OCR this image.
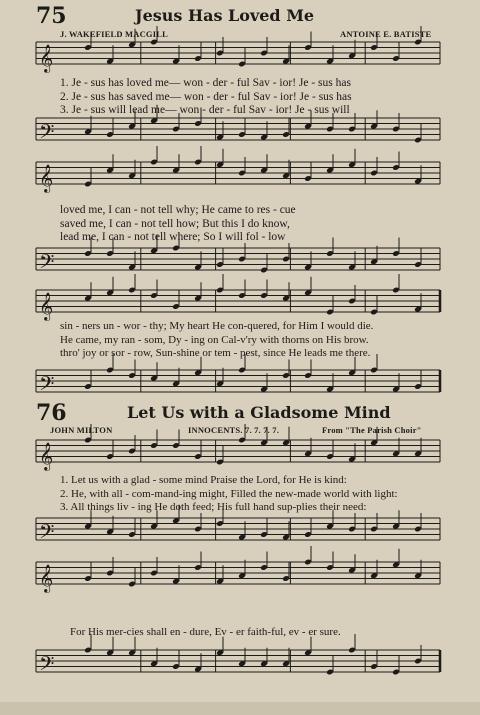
𝄞
𝄢
𝄞
𝄢
𝄞
𝄢
𝄞
𝄢
𝄞
𝄢
75	Jesus Has Loved Me
J. WAKEFIELD MACGILL	ANTOINE E. BATISTE
1. Je - sus has loved me— won - der - ful Sav - ior! Je - sus has
2. Je - sus has saved me— won - der - ful Sav - ior! Je - sus has
3. Je - sus will lead me— won - der - ful Sav - ior! Je - sus will
loved me, I can - not tell why; He came to res - cue
saved me, I can - not tell how; But this I do know,
lead me, I can - not tell where; So I will fol - low
sin - ners un - wor - thy; My heart He con-quered, for Him I would die.
He came, my ran - som, Dy - ing on Cal-v'ry with thorns on His brow.
thro' joy or sor - row, Sun-shine or tem - pest, since He leads me there.
76	Let Us with a Gladsome Mind
JOHN MILTON	INNOCENTS. 7. 7. 7. 7.	From "The Parish Choir"
1. Let us with a glad - some mind Praise the Lord, for He is kind:
2. He, with all - com-mand-ing might, Filled the new-made world with light:
3. All things liv - ing He doth feed; His full hand sup-plies their need:
For His mer-cies shall en - dure, Ev - er faith-ful, ev - er sure.
